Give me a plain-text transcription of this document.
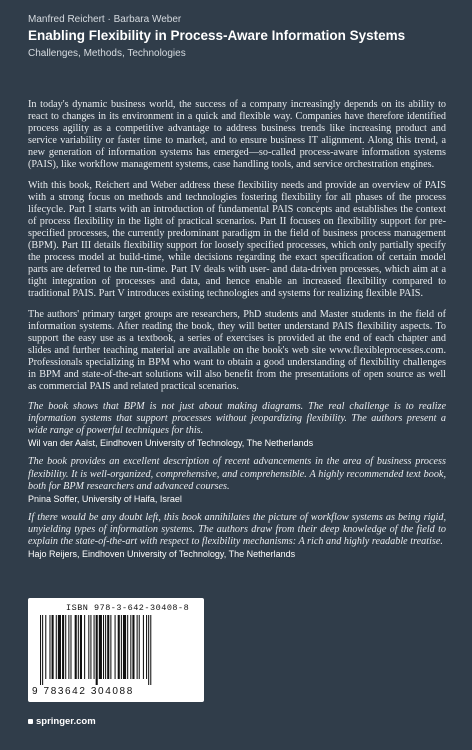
Manfred Reichert · Barbara Weber
Enabling Flexibility in Process-Aware Information Systems
Challenges, Methods, Technologies

In today's dynamic business world, the success of a company increasingly depends on its ability to react to changes in its environment in a quick and flexible way. Companies have therefore identified process agility as a competitive advantage to address business trends like increasing product and service variability or faster time to market, and to ensure business IT alignment. Along this trend, a new generation of information systems has emerged—so-called process-aware information systems (PAIS), like workflow management systems, case handling tools, and service orchestration engines.

With this book, Reichert and Weber address these flexibility needs and provide an overview of PAIS with a strong focus on methods and technologies fostering flexibility for all phases of the process lifecycle. Part I starts with an introduction of fundamental PAIS concepts and establishes the context of process flexibility in the light of practical scenarios. Part II focuses on flexibility support for pre-specified processes, the currently predominant paradigm in the field of business process management (BPM). Part III details flexibility support for loosely specified processes, which only partially specify the process model at build-time, while decisions regarding the exact specification of certain model parts are deferred to the run-time. Part IV deals with user- and data-driven processes, which aim at a tight integration of processes and data, and hence enable an increased flexibility compared to traditional PAIS. Part V introduces existing technologies and systems for realizing flexible PAIS.

The authors' primary target groups are researchers, PhD students and Master students in the field of information systems. After reading the book, they will better understand PAIS flexibility aspects. To support the easy use as a textbook, a series of exercises is provided at the end of each chapter and slides and further teaching material are available on the book's web site www.flexibleprocesses.com. Professionals specializing in BPM who want to obtain a good understanding of flexibility challenges in BPM and state-of-the-art solutions will also benefit from the presentations of open source as well as commercial PAIS and related practical scenarios.

The book shows that BPM is not just about making diagrams. The real challenge is to realize information systems that support processes without jeopardizing flexibility. The authors present a wide range of powerful techniques for this.
Wil van der Aalst, Eindhoven University of Technology, The Netherlands
The book provides an excellent description of recent advancements in the area of business process flexibility. It is well-organized, comprehensive, and comprehensible. A highly recommended text book, both for BPM researchers and advanced courses.
Pnina Soffer, University of Haifa, Israel
If there would be any doubt left, this book annihilates the picture of workflow systems as being rigid, unyielding types of information systems. The authors draw from their deep knowledge of the field to explain the state-of-the-art with respect to flexibility mechanisms: A rich and highly readable treatise.
Hajo Reijers, Eindhoven University of Technology, The Netherlands
ISBN 978-3-642-30408-8
9 783642 304088
springer.com
